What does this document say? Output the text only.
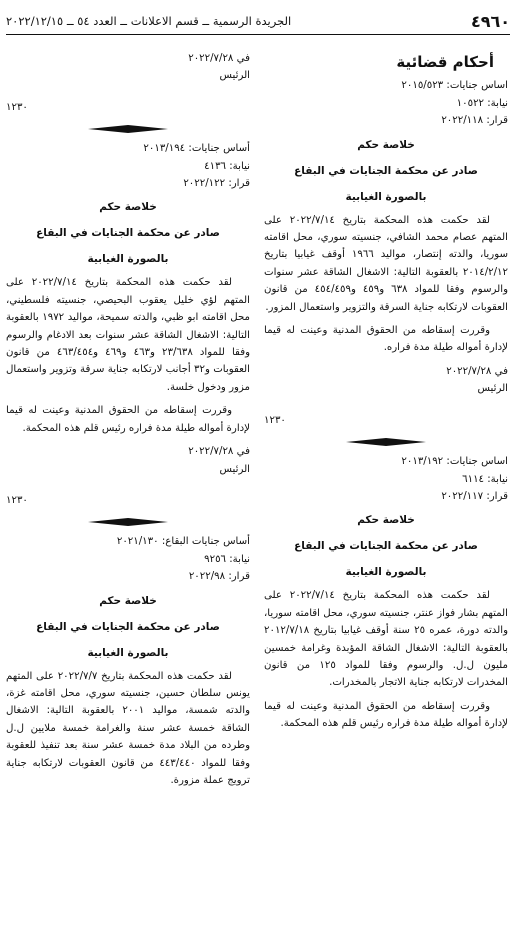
٤٩٦٠
الجريدة الرسمية ــ قسم الاعلانات ــ العدد ٥٤ ــ ٢٠٢٢/١٢/١٥
أحكام قضائية

اساس جنايات: ٢٠١٥/٥٢٣

نيابة: ١٠٥٢٢

قرار: ٢٠٢٢/١١٨

خلاصة حكم
صادر عن محكمة الجنايات في البقاع
بالصورة الغيابية

لقد حكمت هذه المحكمة بتاريخ ٢٠٢٢/٧/١٤ على المتهم عصام محمد الشافي، جنسيته سوري، محل اقامته سوريا، والدته إنتصار، مواليد ١٩٦٦ أوقف غيابيا بتاريخ ٢٠١٤/٢/١٢ بالعقوبة التالية: الاشغال الشاقة عشر سنوات والرسوم وفقا للمواد ٦٣٨ و٤٥٩ و٤٥٤/٤٥٩ من قانون العقوبات لارتكابه جناية السرقة والتزوير واستعمال المزور.

وقررت إسقاطه من الحقوق المدنية وعينت له قيما لإدارة أمواله طيلة مدة فراره.

في ٢٠٢٢/٧/٢٨

الرئيس

١٢٣٠

اساس جنايات: ٢٠١٣/١٩٢

نيابة: ٦١١٤

قرار: ٢٠٢٢/١١٧

خلاصة حكم
صادر عن محكمة الجنايات في البقاع
بالصورة الغيابية

لقد حكمت هذه المحكمة بتاريخ ٢٠٢٢/٧/١٤ على المتهم بشار فواز عنتر، جنسيته سوري، محل اقامته سوريا، والدته دورة، عمره ٢٥ سنة أوقف غيابيا بتاريخ ٢٠١٢/٧/١٨ بالعقوبة التالية: الاشغال الشاقة المؤبدة وغرامة خمسين مليون ل.ل. والرسوم وفقا للمواد ١٢٥ من قانون المخدرات لارتكابه جناية الاتجار بالمخدرات.

وقررت إسقاطه من الحقوق المدنية وعينت له قيما لإدارة أمواله طيلة مدة فراره رئيس قلم هذه المحكمة.

في ٢٠٢٢/٧/٢٨

الرئيس

١٢٣٠

أساس جنايات: ٢٠١٣/١٩٤

نيابة: ٤١٣٦

قرار: ٢٠٢٢/١٢٢

خلاصة حكم
صادر عن محكمة الجنايات في البقاع
بالصورة الغيابية

لقد حكمت هذه المحكمة بتاريخ ٢٠٢٢/٧/١٤ على المتهم لؤي خليل يعقوب البحيصي، جنسيته فلسطيني، محل اقامته ابو ظبي، والدته سميحة، مواليد ١٩٧٢ بالعقوبة التالية: الاشغال الشاقة عشر سنوات بعد الادغام والرسوم وفقا للمواد ٢٣/٦٣٨ و٤٦٣ و٤٦٩ و٤٦٣/٤٥٤ من قانون العقوبات و٣٢ أجانب لارتكابه جناية سرقة وتزوير واستعمال مزور ودخول خلسة.

وقررت إسقاطه من الحقوق المدنية وعينت له قيما لإدارة أمواله طيلة مدة فراره رئيس قلم هذه المحكمة.

في ٢٠٢٢/٧/٢٨

الرئيس

١٢٣٠

أساس جنايات البقاع: ٢٠٢١/١٣٠

نيابة: ٩٢٥٦

قرار: ٢٠٢٢/٩٨

خلاصة حكم
صادر عن محكمة الجنايات في البقاع
بالصورة الغيابية

لقد حكمت هذه المحكمة بتاريخ ٢٠٢٢/٧/٧ على المتهم يونس سلطان حسين، جنسيته سوري، محل اقامته غزة، والدته شمسة، مواليد ٢٠٠١ بالعقوبة التالية: الاشغال الشاقة خمسة عشر سنة والغرامة خمسة ملايين ل.ل وطرده من البلاد مدة خمسة عشر سنة بعد تنفيذ للعقوبة وفقا للمواد ٤٤٣/٤٤٠ من قانون العقوبات لارتكابه جناية ترويج عملة مزورة.
